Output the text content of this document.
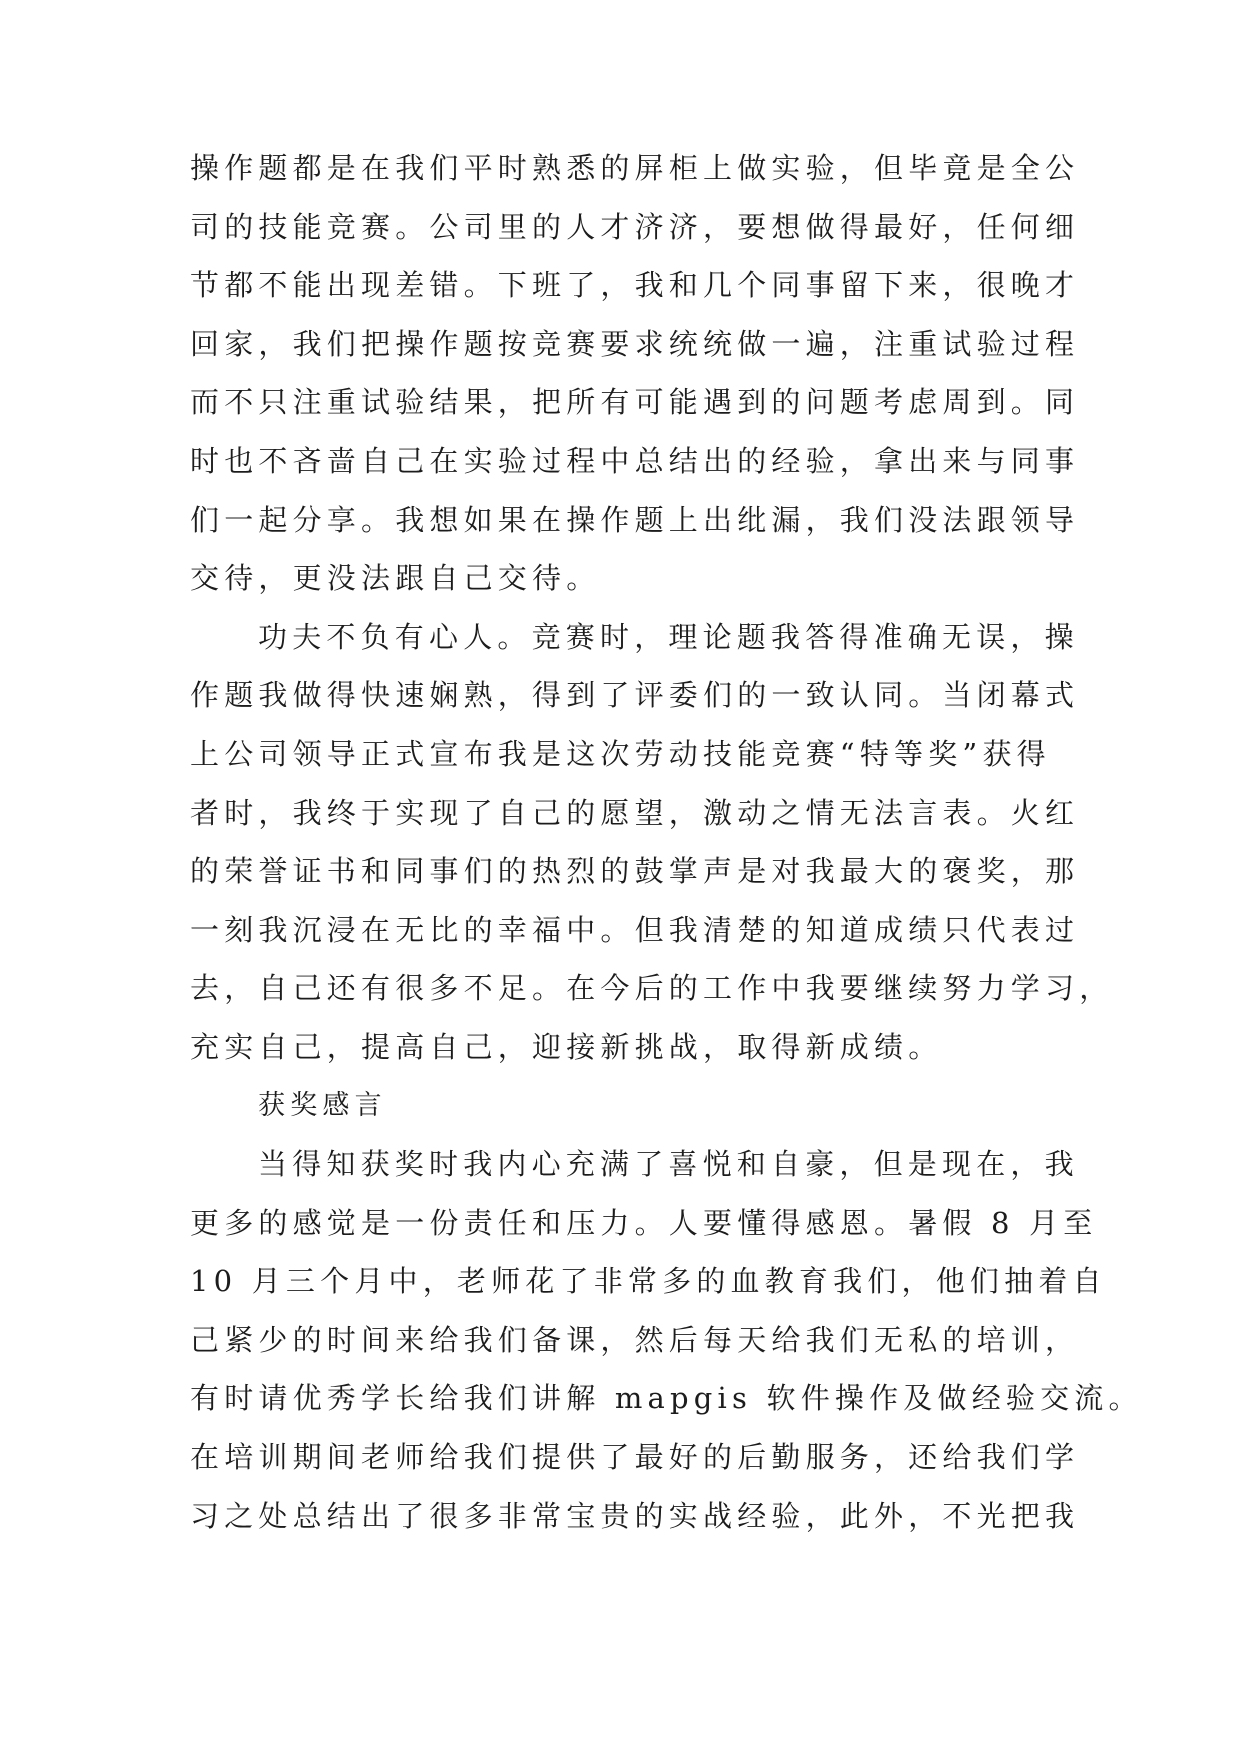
操作题都是在我们平时熟悉的屏柜上做实验，但毕竟是全公
司的技能竞赛。公司里的人才济济，要想做得最好，任何细
节都不能出现差错。下班了，我和几个同事留下来，很晚才
回家，我们把操作题按竞赛要求统统做一遍，注重试验过程
而不只注重试验结果，把所有可能遇到的问题考虑周到。同
时也不吝啬自己在实验过程中总结出的经验，拿出来与同事
们一起分享。我想如果在操作题上出纰漏，我们没法跟领导
交待，更没法跟自己交待。
功夫不负有心人。竞赛时，理论题我答得准确无误，操
作题我做得快速娴熟，得到了评委们的一致认同。当闭幕式
上公司领导正式宣布我是这次劳动技能竞赛“特等奖”获得
者时，我终于实现了自己的愿望，激动之情无法言表。火红
的荣誉证书和同事们的热烈的鼓掌声是对我最大的褒奖，那
一刻我沉浸在无比的幸福中。但我清楚的知道成绩只代表过
去，自己还有很多不足。在今后的工作中我要继续努力学习，
充实自己，提高自己，迎接新挑战，取得新成绩。
获奖感言
当得知获奖时我内心充满了喜悦和自豪，但是现在，我
更多的感觉是一份责任和压力。人要懂得感恩。暑假 8 月至
10 月三个月中，老师花了非常多的血教育我们，他们抽着自
己紧少的时间来给我们备课，然后每天给我们无私的培训，
有时请优秀学长给我们讲解 mapgis 软件操作及做经验交流。
在培训期间老师给我们提供了最好的后勤服务，还给我们学
习之处总结出了很多非常宝贵的实战经验，此外，不光把我
